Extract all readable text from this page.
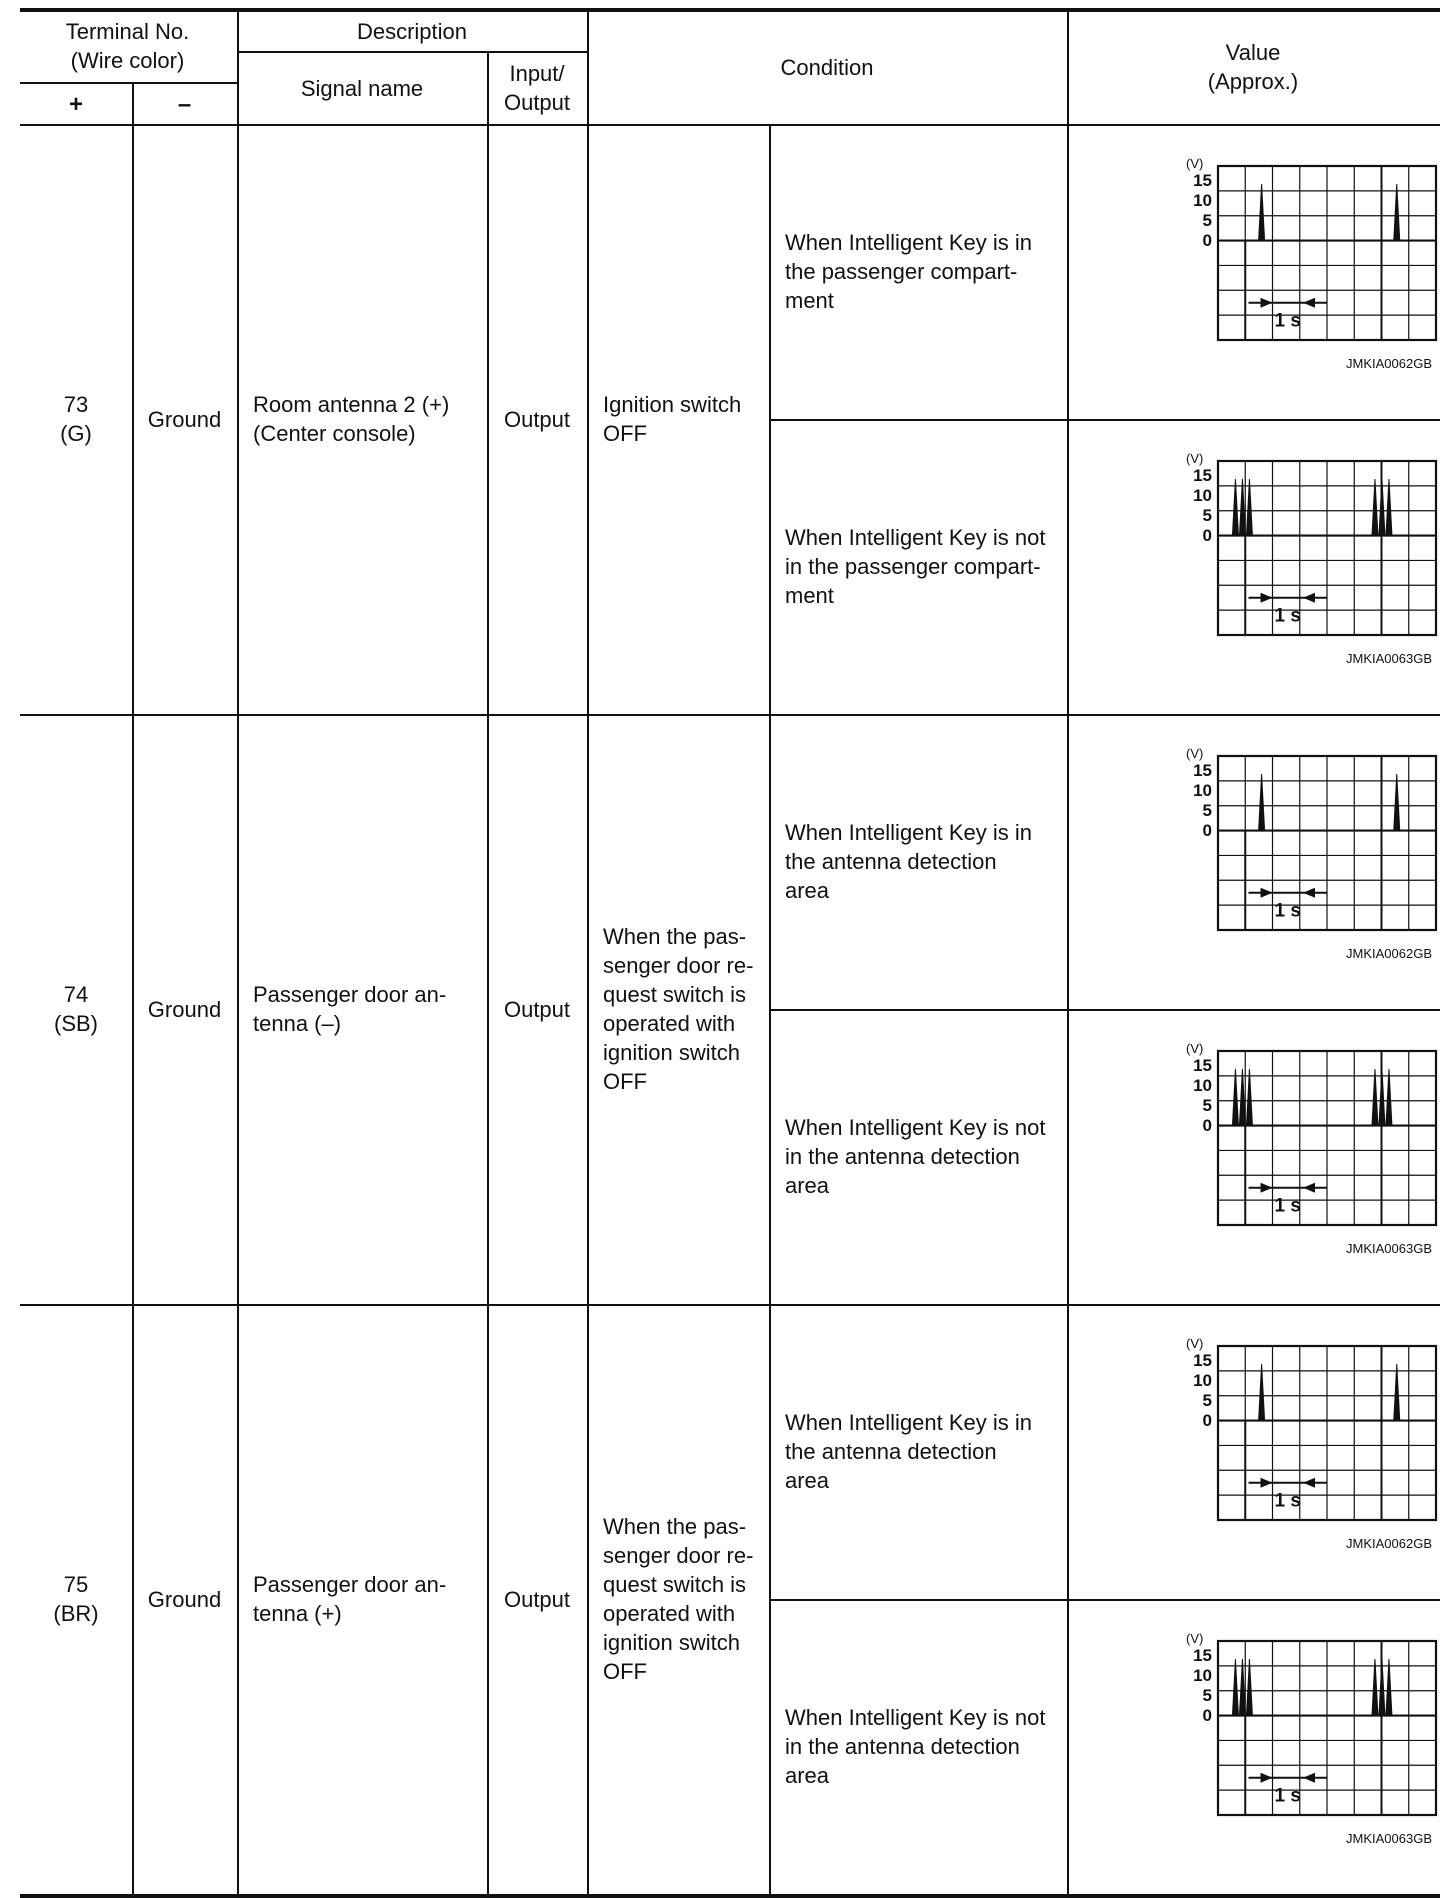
Terminal No.
(Wire color)
+	–
Description
Signal name
Input/
Output
Condition
Value
(Approx.)
73
(G)
Ground
Room antenna 2 (+)
(Center console)
Output
Ignition switch
OFF
When Intelligent Key is in
the passenger compart-
ment
(V)
15
10
5
0
1 s
JMKIA0062GB
When Intelligent Key is not
in the passenger compart-
ment
(V)
15
10
5
0
1 s
JMKIA0063GB
74
(SB)
Ground
Passenger door an-
tenna (–)
Output
When the pas-
senger door re-
quest switch is
operated with
ignition switch
OFF
When Intelligent Key is in
the antenna detection
area
(V)
15
10
5
0
1 s
JMKIA0062GB
When Intelligent Key is not
in the antenna detection
area
(V)
15
10
5
0
1 s
JMKIA0063GB
75
(BR)
Ground
Passenger door an-
tenna (+)
Output
When the pas-
senger door re-
quest switch is
operated with
ignition switch
OFF
When Intelligent Key is in
the antenna detection
area
(V)
15
10
5
0
1 s
JMKIA0062GB
When Intelligent Key is not
in the antenna detection
area
(V)
15
10
5
0
1 s
JMKIA0063GB
